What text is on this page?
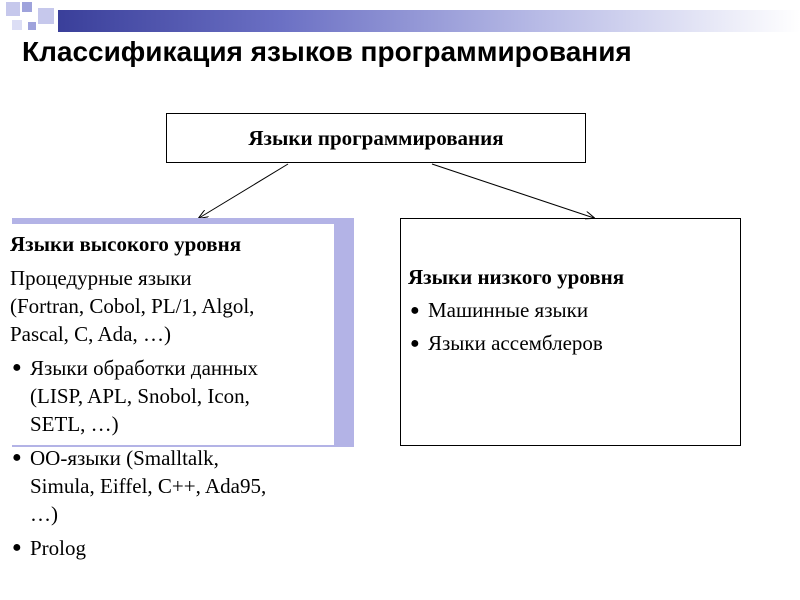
Классификация языков программирования
Языки программирования
Языки высокого уровня
Процедурные языки
(Fortran, Cobol, PL/1, Algol,
Pascal, C, Ada, …)
● Языки обработки данных
(LISP, APL, Snobol, Icon,
SETL, …)
● ОО-языки (Smalltalk,
Simula, Eiffel, C++, Ada95,
…)
● Prolog
Языки низкого уровня
● Машинные языки
● Языки ассемблеров
